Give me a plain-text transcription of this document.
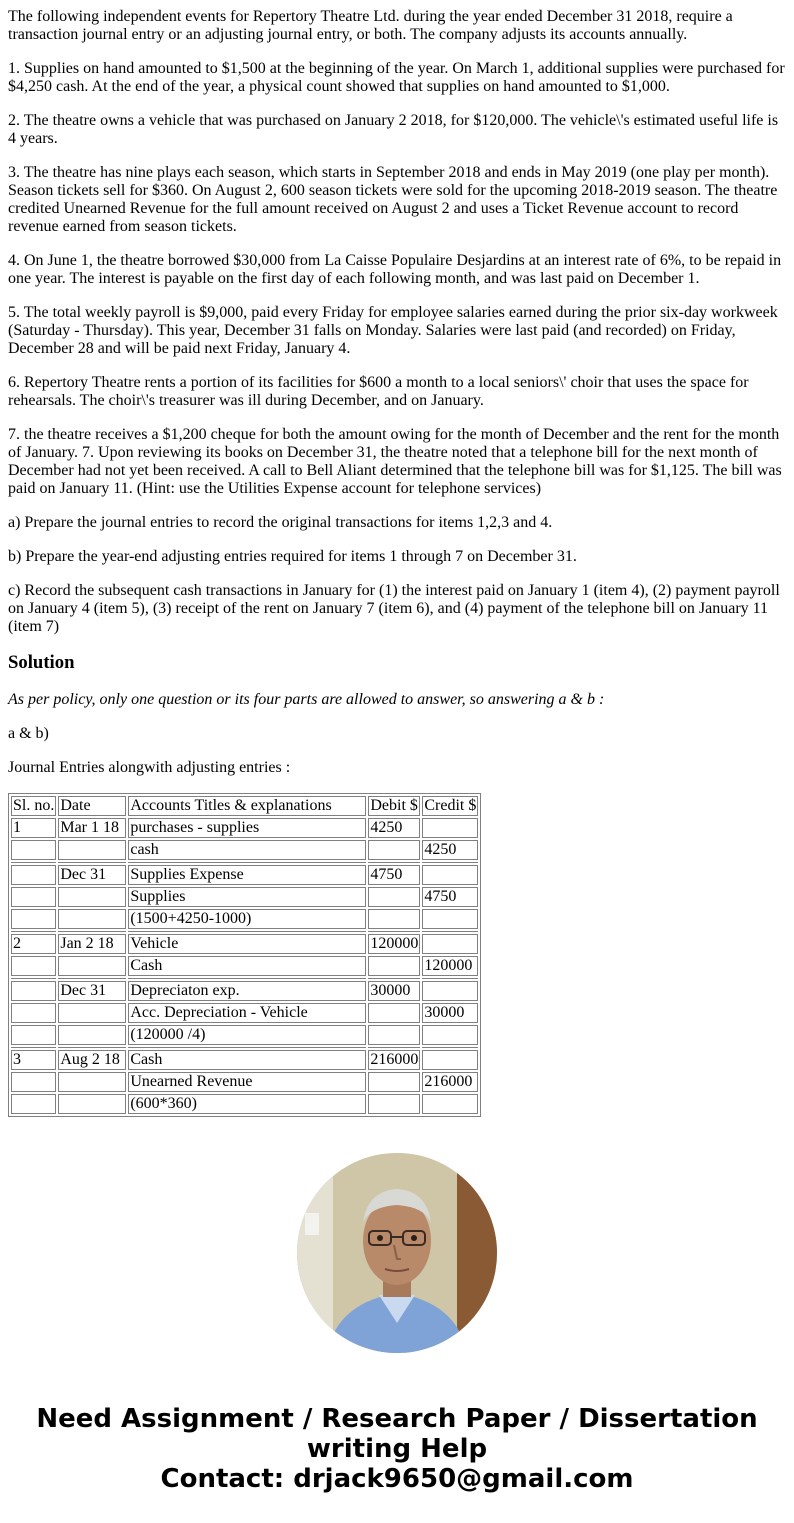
The following independent events for Repertory Theatre Ltd. during the year ended December 31 2018, require a transaction journal entry or an adjusting journal entry, or both. The company adjusts its accounts annually.

1. Supplies on hand amounted to $1,500 at the beginning of the year. On March 1, additional supplies were purchased for $4,250 cash. At the end of the year, a physical count showed that supplies on hand amounted to $1,000.

2. The theatre owns a vehicle that was purchased on January 2 2018, for $120,000. The vehicle\'s estimated useful life is 4 years.

3. The theatre has nine plays each season, which starts in September 2018 and ends in May 2019 (one play per month). Season tickets sell for $360. On August 2, 600 season tickets were sold for the upcoming 2018-2019 season. The theatre credited Unearned Revenue for the full amount received on August 2 and uses a Ticket Revenue account to record revenue earned from season tickets.

4. On June 1, the theatre borrowed $30,000 from La Caisse Populaire Desjardins at an interest rate of 6%, to be repaid in one year. The interest is payable on the first day of each following month, and was last paid on December 1.

5. The total weekly payroll is $9,000, paid every Friday for employee salaries earned during the prior six-day workweek (Saturday - Thursday). This year, December 31 falls on Monday. Salaries were last paid (and recorded) on Friday, December 28 and will be paid next Friday, January 4.

6. Repertory Theatre rents a portion of its facilities for $600 a month to a local seniors\' choir that uses the space for rehearsals. The choir\'s treasurer was ill during December, and on January.

7. the theatre receives a $1,200 cheque for both the amount owing for the month of December and the rent for the month of January. 7. Upon reviewing its books on December 31, the theatre noted that a telephone bill for the next month of December had not yet been received. A call to Bell Aliant determined that the telephone bill was for $1,125. The bill was paid on January 11. (Hint: use the Utilities Expense account for telephone services)

a) Prepare the journal entries to record the original transactions for items 1,2,3 and 4.

b) Prepare the year-end adjusting entries required for items 1 through 7 on December 31.

c) Record the subsequent cash transactions in January for (1) the interest paid on January 1 (item 4), (2) payment payroll on January 4 (item 5), (3) receipt of the rent on January 7 (item 6), and (4) payment of the telephone bill on January 11 (item 7)

Solution

As per policy, only one question or its four parts are allowed to answer, so answering a & b :

a & b)

Journal Entries alongwith adjusting entries :

Sl. no.	Date	Accounts Titles & explanations	Debit $	Credit $
1	Mar 1 18	purchases - supplies	4250	
		cash		4250

	Dec 31	Supplies Expense	4750	
		Supplies		4750
		(1500+4250-1000)		

2	Jan 2 18	Vehicle	120000	
		Cash		120000

	Dec 31	Depreciaton exp.	30000	
		Acc. Depreciation - Vehicle		30000
		(120000 /4)		

3	Aug 2 18	Cash	216000	
		Unearned Revenue		216000
		(600*360)		
Need Assignment / Research Paper / Dissertation
writing Help
Contact: drjack9650@gmail.com
